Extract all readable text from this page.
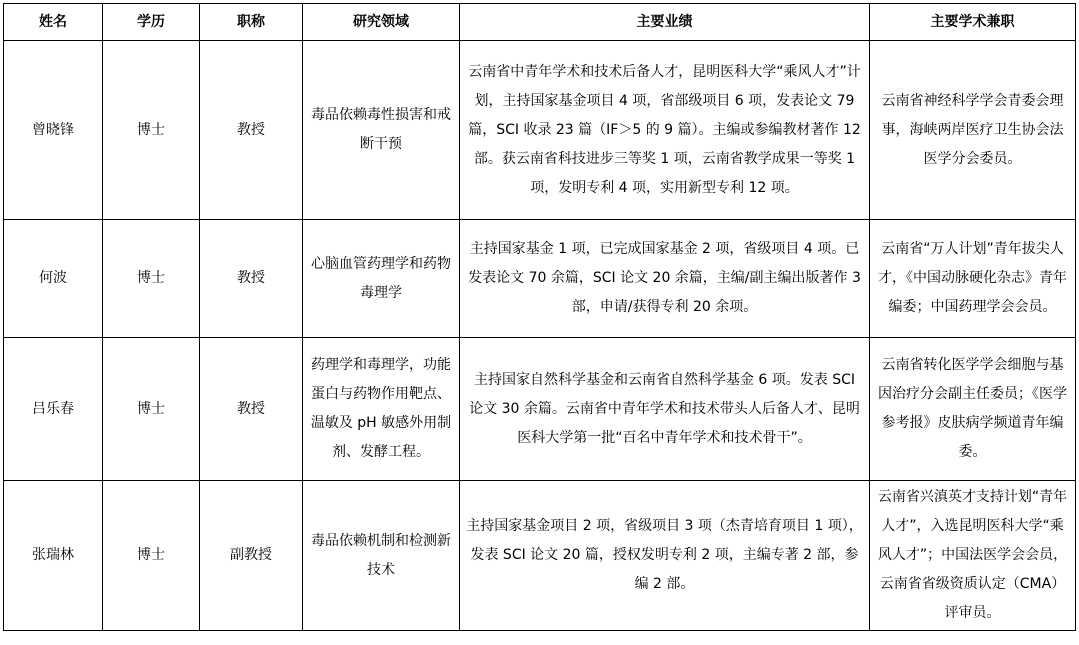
姓名	学历	职称	研究领域	主要业绩	主要学术兼职
曾晓锋	博士	教授	毒品依赖毒性损害和戒断干预	云南省中青年学术和技术后备人才，昆明医科大学“乘风人才”计划，主持国家基金项目 4 项，省部级项目 6 项，发表论文 79 篇，SCI 收录 23 篇（IF＞5 的 9 篇）。主编或参编教材著作 12 部。获云南省科技进步三等奖 1 项，云南省教学成果一等奖 1 项，发明专利 4 项，实用新型专利 12 项。	云南省神经科学学会青委会理事，海峡两岸医疗卫生协会法医学分会委员。
何波	博士	教授	心脑血管药理学和药物毒理学	主持国家基金 1 项，已完成国家基金 2 项，省级项目 4 项。已发表论文 70 余篇，SCI 论文 20 余篇，主编/副主编出版著作 3 部，申请/获得专利 20 余项。	云南省“万人计划”青年拔尖人才，《中国动脉硬化杂志》青年编委；中国药理学会会员。
吕乐春	博士	教授	药理学和毒理学，功能蛋白与药物作用靶点、温敏及 pH 敏感外用制剂、发酵工程。	主持国家自然科学基金和云南省自然科学基金 6 项。发表 SCI 论文 30 余篇。云南省中青年学术和技术带头人后备人才、昆明医科大学第一批“百名中青年学术和技术骨干”。	云南省转化医学学会细胞与基因治疗分会副主任委员；《医学参考报》皮肤病学频道青年编委。
张瑞林	博士	副教授	毒品依赖机制和检测新技术	主持国家基金项目 2 项，省级项目 3 项（杰青培育项目 1 项），发表 SCI 论文 20 篇，授权发明专利 2 项，主编专著 2 部，参编 2 部。	云南省兴滇英才支持计划“青年人才”，入选昆明医科大学“乘风人才”；中国法医学会会员，云南省省级资质认定（CMA）评审员。
